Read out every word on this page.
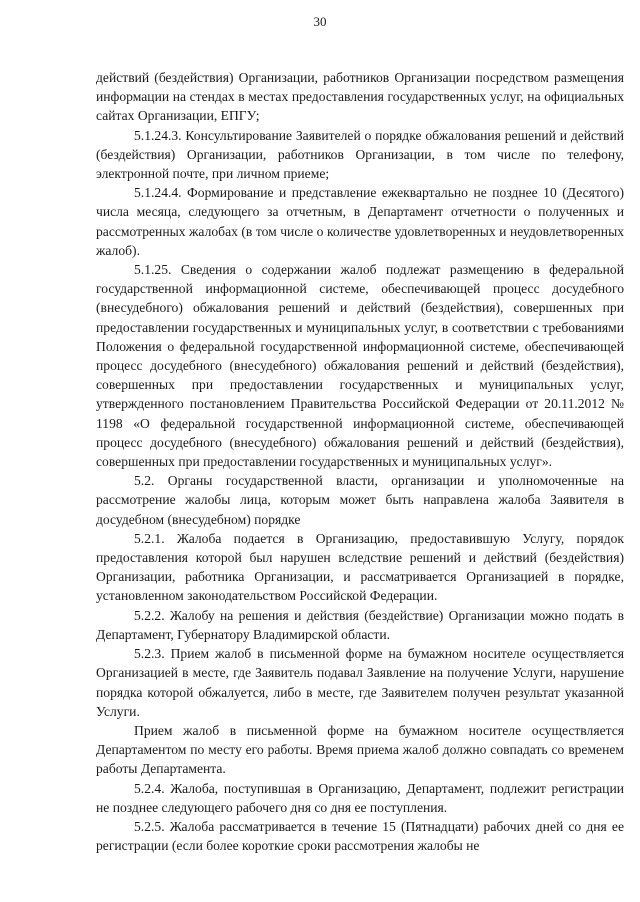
30

действий (бездействия) Организации, работников Организации посредством размещения информации на стендах в местах предоставления государственных услуг, на официальных сайтах Организации, ЕПГУ;

5.1.24.3. Консультирование Заявителей о порядке обжалования решений и действий (бездействия) Организации, работников Организации, в том числе по телефону, электронной почте, при личном приеме;

5.1.24.4. Формирование и представление ежеквартально не позднее 10 (Десятого) числа месяца, следующего за отчетным, в Департамент отчетности о полученных и рассмотренных жалобах (в том числе о количестве удовлетворенных и неудовлетворенных жалоб).

5.1.25. Сведения о содержании жалоб подлежат размещению в федеральной государственной информационной системе, обеспечивающей процесс досудебного (внесудебного) обжалования решений и действий (бездействия), совершенных при предоставлении государственных и муниципальных услуг, в соответствии с требованиями Положения о федеральной государственной информационной системе, обеспечивающей процесс досудебного (внесудебного) обжалования решений и действий (бездействия), совершенных при предоставлении государственных и муниципальных услуг, утвержденного постановлением Правительства Российской Федерации от 20.11.2012 № 1198 «О федеральной государственной информационной системе, обеспечивающей процесс досудебного (внесудебного) обжалования решений и действий (бездействия), совершенных при предоставлении государственных и муниципальных услуг».

5.2. Органы государственной власти, организации и уполномоченные на рассмотрение жалобы лица, которым может быть направлена жалоба Заявителя в досудебном (внесудебном) порядке

5.2.1. Жалоба подается в Организацию, предоставившую Услугу, порядок предоставления которой был нарушен вследствие решений и действий (бездействия) Организации, работника Организации, и рассматривается Организацией в порядке, установленном законодательством Российской Федерации.

5.2.2. Жалобу на решения и действия (бездействие) Организации можно подать в Департамент, Губернатору Владимирской области.

5.2.3. Прием жалоб в письменной форме на бумажном носителе осуществляется Организацией в месте, где Заявитель подавал Заявление на получение Услуги, нарушение порядка которой обжалуется, либо в месте, где Заявителем получен результат указанной Услуги.

Прием жалоб в письменной форме на бумажном носителе осуществляется Департаментом по месту его работы. Время приема жалоб должно совпадать со временем работы Департамента.

5.2.4. Жалоба, поступившая в Организацию, Департамент, подлежит регистрации не позднее следующего рабочего дня со дня ее поступления.

5.2.5. Жалоба рассматривается в течение 15 (Пятнадцати) рабочих дней со дня ее регистрации (если более короткие сроки рассмотрения жалобы не
